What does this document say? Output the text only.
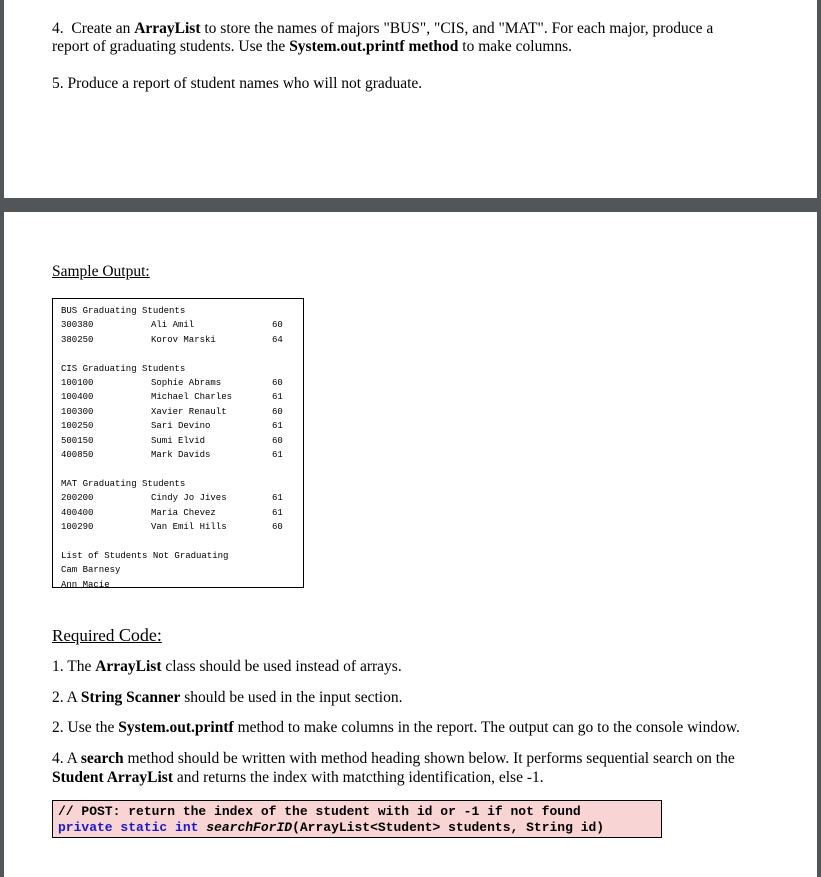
4. Create an ArrayList to store the names of majors "BUS", "CIS, and "MAT". For each major, produce a
report of graduating students. Use the System.out.printf method to make columns.
5. Produce a report of student names who will not graduate.
Sample Output:
BUS Graduating Students
300380	Ali Amil	60
380250	Korov Marski	64
CIS Graduating Students
100100	Sophie Abrams	60
100400	Michael Charles	61
100300	Xavier Renault	60
100250	Sari Devino	61
500150	Sumi Elvid	60
400850	Mark Davids	61
MAT Graduating Students
200200	Cindy Jo Jives	61
400400	Maria Chevez	61
100290	Van Emil Hills	60
List of Students Not Graduating
Cam Barnesy
Ann Macie
Required Code:
1. The ArrayList class should be used instead of arrays.
2. A String Scanner should be used in the input section.
2. Use the System.out.printf method to make columns in the report. The output can go to the console window.
4. A search method should be written with method heading shown below. It performs sequential search on the
Student ArrayList and returns the index with matcthing identification, else -1.
// POST: return the index of the student with id or -1 if not found
private static int searchForID(ArrayList<Student> students, String id)
